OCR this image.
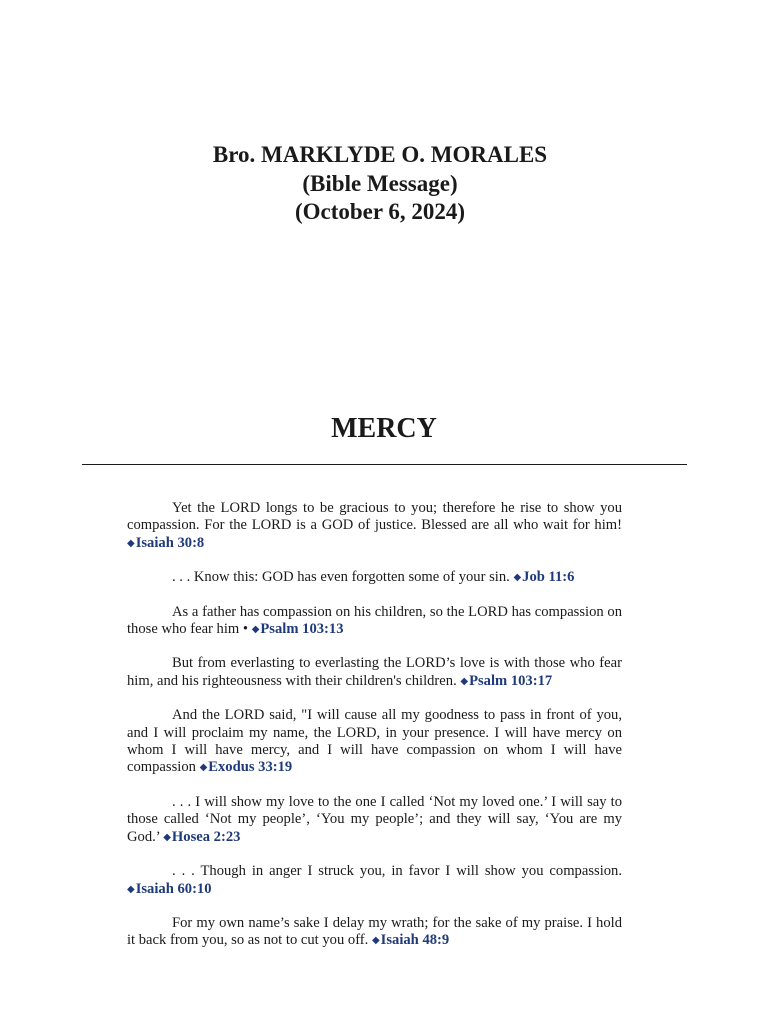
Bro. MARKLYDE O. MORALES
(Bible Message)
(October 6, 2024)
MERCY

Yet the LORD longs to be gracious to you; therefore he rise to show you compassion. For the LORD is a GOD of justice. Blessed are all who wait for him! ◆Isaiah 30:8

. . . Know this: GOD has even forgotten some of your sin. ◆Job 11:6

As a father has compassion on his children, so the LORD has compassion on those who fear him • ◆Psalm 103:13

But from everlasting to everlasting the LORD’s love is with those who fear him, and his righteousness with their children's children. ◆Psalm 103:17

And the LORD said, "I will cause all my goodness to pass in front of you, and I will proclaim my name, the LORD, in your presence. I will have mercy on whom I will have mercy, and I will have compassion on whom I will have compassion ◆Exodus 33:19

. . . I will show my love to the one I called ‘Not my loved one.’ I will say to those called ‘Not my people’, ‘You my people’; and they will say, ‘You are my God.’ ◆Hosea 2:23

. . . Though in anger I struck you, in favor I will show you compassion. ◆Isaiah 60:10

For my own name’s sake I delay my wrath; for the sake of my praise. I hold it back from you, so as not to cut you off. ◆Isaiah 48:9
